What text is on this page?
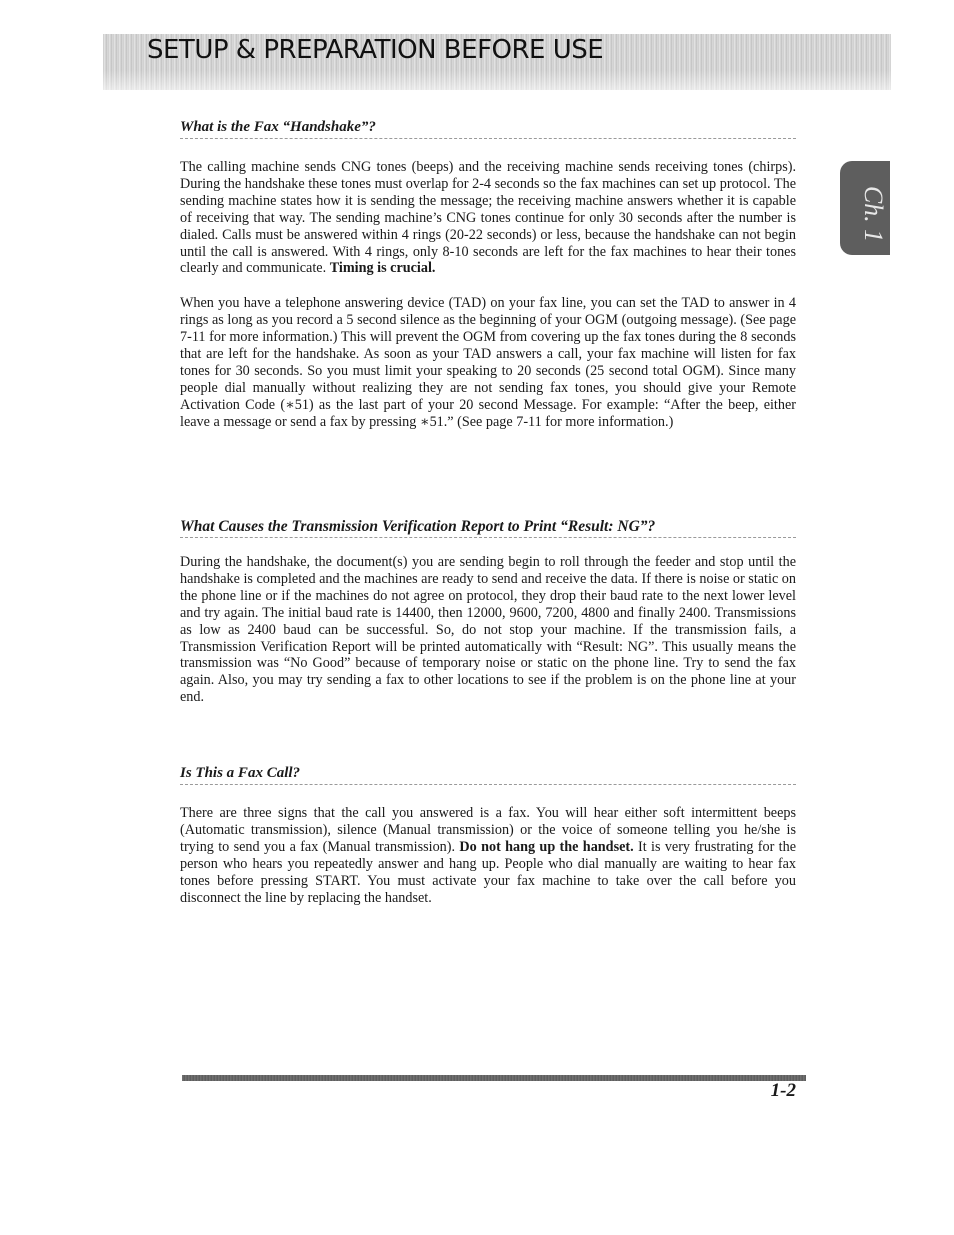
SETUP & PREPARATION BEFORE USE
Ch. 1
What is the Fax “Handshake”?

The calling machine sends CNG tones (beeps) and the receiving machine sends receiving tones (chirps). During the handshake these tones must overlap for 2-4 seconds so the fax machines can set up protocol. The sending machine states how it is sending the message; the receiving machine answers whether it is capable of receiving that way. The sending machine’s CNG tones continue for only 30 seconds after the number is dialed. Calls must be answered within 4 rings (20-22 seconds) or less, because the handshake can not begin until the call is answered. With 4 rings, only 8-10 seconds are left for the fax machines to hear their tones clearly and communicate. Timing is crucial.

When you have a telephone answering device (TAD) on your fax line, you can set the TAD to answer in 4 rings as long as you record a 5 second silence as the beginning of your OGM (outgoing message). (See page 7-11 for more information.) This will prevent the OGM from covering up the fax tones during the 8 seconds that are left for the handshake. As soon as your TAD answers a call, your fax machine will listen for fax tones for 30 seconds. So you must limit your speaking to 20 seconds (25 second total OGM). Since many people dial manually without realizing they are not sending fax tones, you should give your Remote Activation Code (∗51) as the last part of your 20 second Message. For example: “After the beep, either leave a message or send a fax by pressing ∗51.” (See page 7-11 for more information.)

What Causes the Transmission Verification Report to Print “Result: NG”?

During the handshake, the document(s) you are sending begin to roll through the feeder and stop until the handshake is completed and the machines are ready to send and receive the data. If there is noise or static on the phone line or if the machines do not agree on protocol, they drop their baud rate to the next lower level and try again. The initial baud rate is 14400, then 12000, 9600, 7200, 4800 and finally 2400. Transmissions as low as 2400 baud can be successful. So, do not stop your machine. If the transmission fails, a Transmission Verification Report will be printed automatically with “Result: NG”. This usually means the transmission was “No Good” because of temporary noise or static on the phone line. Try to send the fax again. Also, you may try sending a fax to other locations to see if the problem is on the phone line at your end.

Is This a Fax Call?

There are three signs that the call you answered is a fax. You will hear either soft intermittent beeps (Automatic transmission), silence (Manual transmission) or the voice of someone telling you he/she is trying to send you a fax (Manual transmission). Do not hang up the handset. It is very frustrating for the person who hears you repeatedly answer and hang up. People who dial manually are waiting to hear fax tones before pressing START. You must activate your fax machine to take over the call before you disconnect the line by replacing the handset.

1-2
